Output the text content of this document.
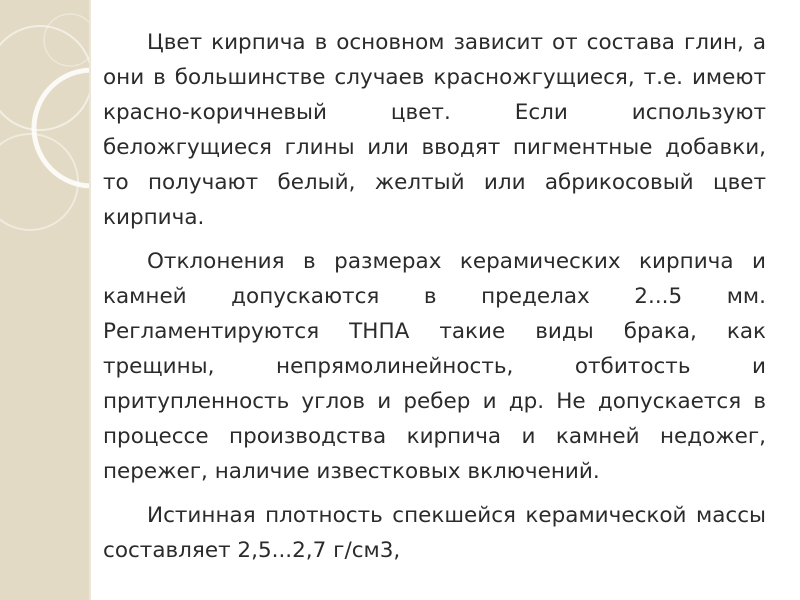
Цвет кирпича в основном зависит от состава глин, а они в большинстве случаев красножгущиеся, т.е. имеют красно-коричневый цвет. Если используют беложгущиеся глины или вводят пигментные добавки, то получают белый, желтый или абрикосовый цвет кирпича.

Отклонения в размерах керамических кирпича и камней допускаются в пределах 2...5 мм. Регламентируются ТНПА такие виды брака, как трещины, непрямолинейность, отбитость и притупленность углов и ребер и др. Не допускается в процессе производства кирпича и камней недожег, пережег, наличие известковых включений.

Истинная плотность спекшейся керамической массы составляет 2,5...2,7 г/см3,
